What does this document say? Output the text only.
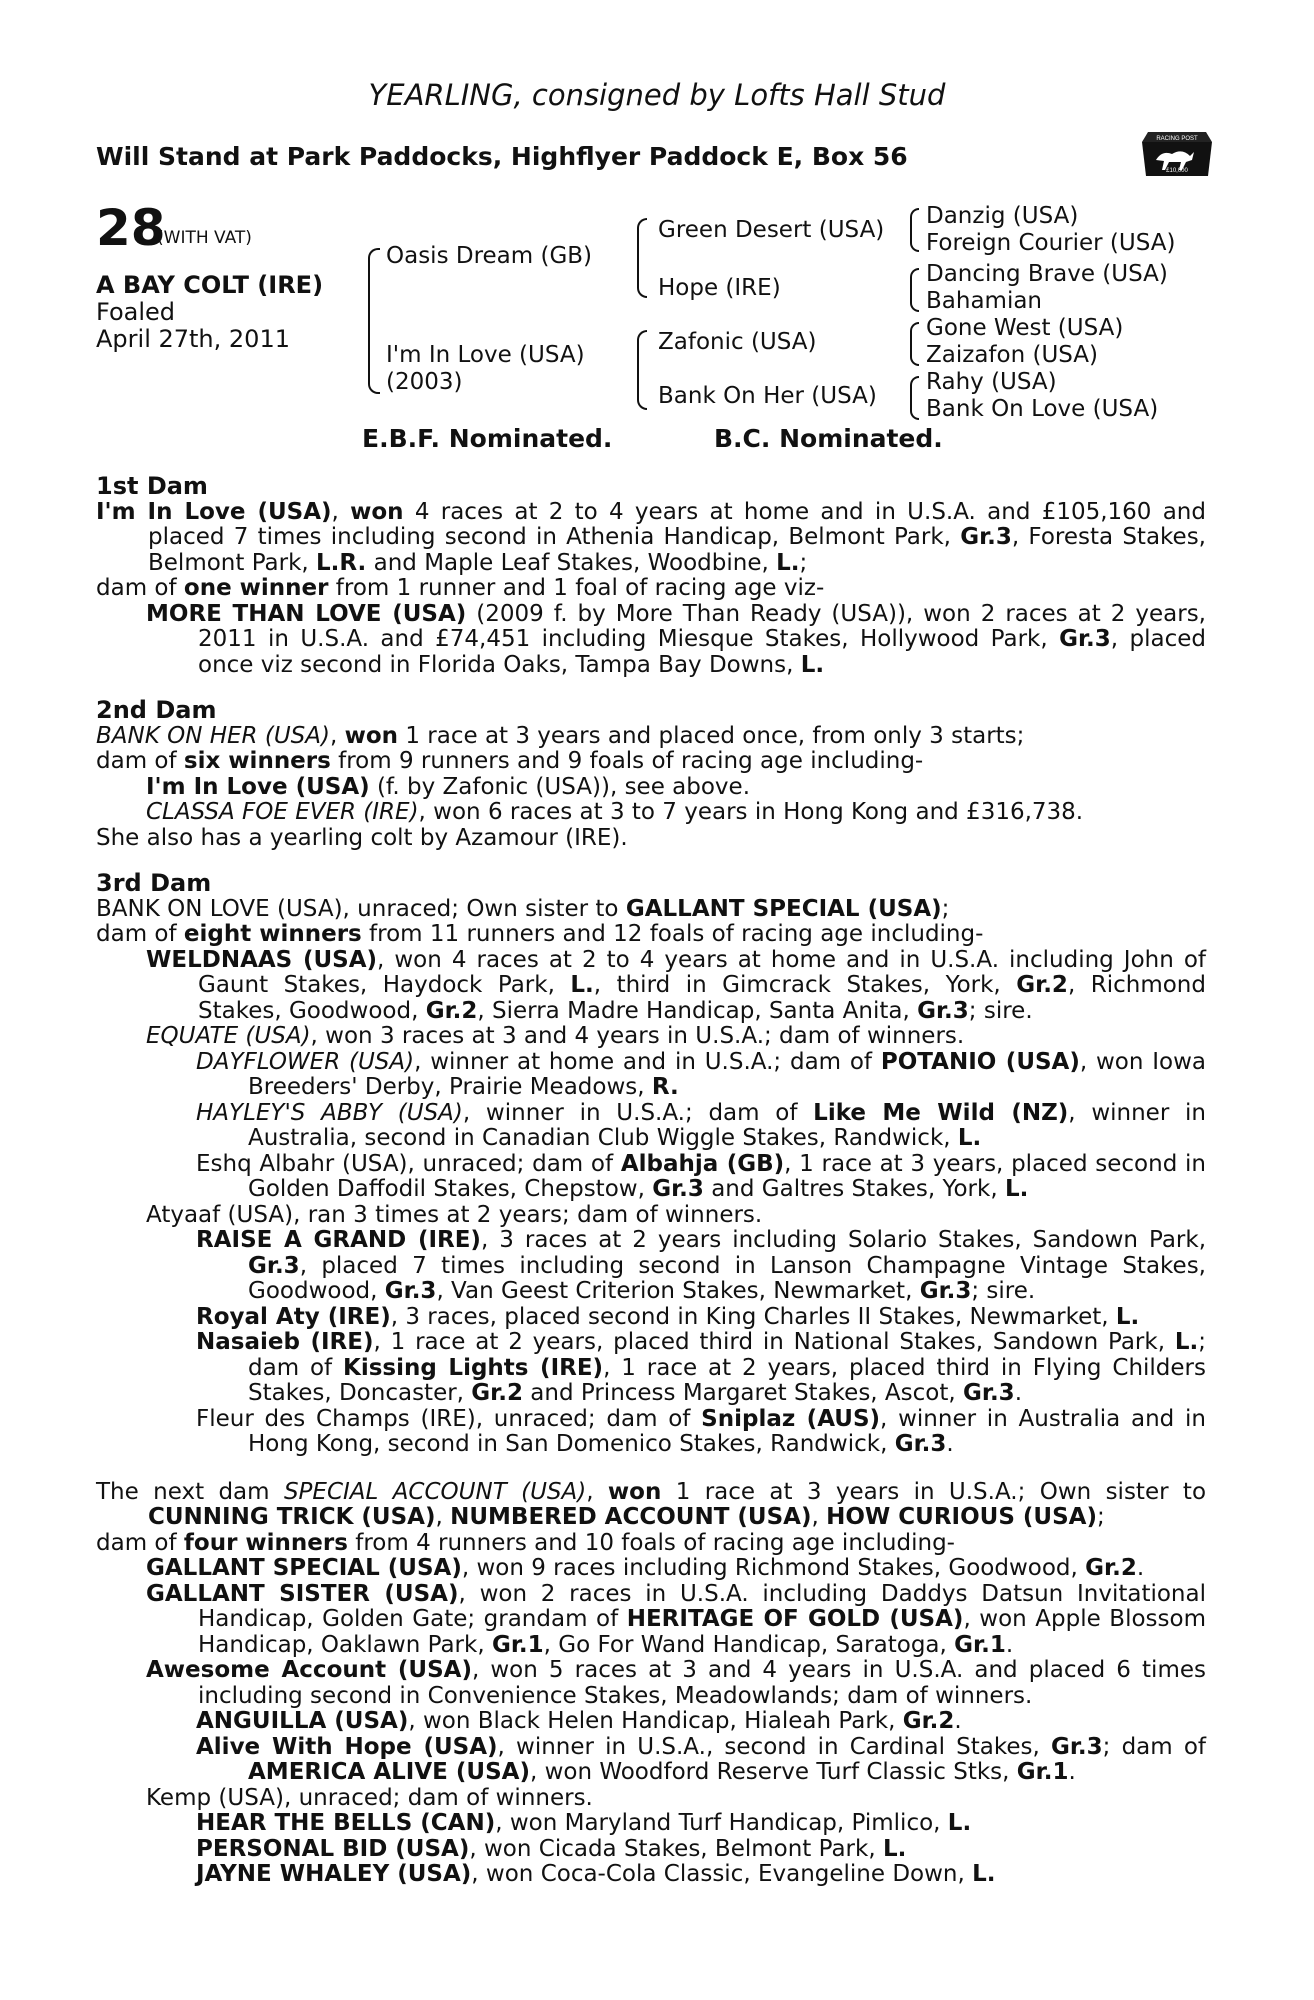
YEARLING, consigned by Lofts Hall Stud
Will Stand at Park Paddocks, Highflyer Paddock E, Box 56
RACING POST
£10,000
28
(WITH VAT)
A BAY COLT (IRE)
Foaled
April 27th, 2011
Oasis Dream (GB)
I'm In Love (USA)
(2003)
Green Desert (USA)
Hope (IRE)
Zafonic (USA)
Bank On Her (USA)
Danzig (USA)
Foreign Courier (USA)
Dancing Brave (USA)
Bahamian
Gone West (USA)
Zaizafon (USA)
Rahy (USA)
Bank On Love (USA)
E.B.F. Nominated.	B.C. Nominated.
1st Dam

I'm In Love (USA), won 4 races at 2 to 4 years at home and in U.S.A. and £105,160 and placed 7 times including second in Athenia Handicap, Belmont Park, Gr.3, Foresta Stakes, Belmont Park, L.R. and Maple Leaf Stakes, Woodbine, L.;

dam of one winner from 1 runner and 1 foal of racing age viz-

MORE THAN LOVE (USA) (2009 f. by More Than Ready (USA)), won 2 races at 2 years, 2011 in U.S.A. and £74,451 including Miesque Stakes, Hollywood Park, Gr.3, placed once viz second in Florida Oaks, Tampa Bay Downs, L.

2nd Dam

BANK ON HER (USA), won 1 race at 3 years and placed once, from only 3 starts;

dam of six winners from 9 runners and 9 foals of racing age including-

I'm In Love (USA) (f. by Zafonic (USA)), see above.

CLASSA FOE EVER (IRE), won 6 races at 3 to 7 years in Hong Kong and £316,738.

She also has a yearling colt by Azamour (IRE).

3rd Dam

BANK ON LOVE (USA), unraced; Own sister to GALLANT SPECIAL (USA);

dam of eight winners from 11 runners and 12 foals of racing age including-

WELDNAAS (USA), won 4 races at 2 to 4 years at home and in U.S.A. including John of Gaunt Stakes, Haydock Park, L., third in Gimcrack Stakes, York, Gr.2, Richmond Stakes, Goodwood, Gr.2, Sierra Madre Handicap, Santa Anita, Gr.3; sire.

EQUATE (USA), won 3 races at 3 and 4 years in U.S.A.; dam of winners.

DAYFLOWER (USA), winner at home and in U.S.A.; dam of POTANIO (USA), won Iowa Breeders' Derby, Prairie Meadows, R.

HAYLEY'S ABBY (USA), winner in U.S.A.; dam of Like Me Wild (NZ), winner in Australia, second in Canadian Club Wiggle Stakes, Randwick, L.

Eshq Albahr (USA), unraced; dam of Albahja (GB), 1 race at 3 years, placed second in Golden Daffodil Stakes, Chepstow, Gr.3 and Galtres Stakes, York, L.

Atyaaf (USA), ran 3 times at 2 years; dam of winners.

RAISE A GRAND (IRE), 3 races at 2 years including Solario Stakes, Sandown Park, Gr.3, placed 7 times including second in Lanson Champagne Vintage Stakes, Goodwood, Gr.3, Van Geest Criterion Stakes, Newmarket, Gr.3; sire.

Royal Aty (IRE), 3 races, placed second in King Charles II Stakes, Newmarket, L.

Nasaieb (IRE), 1 race at 2 years, placed third in National Stakes, Sandown Park, L.; dam of Kissing Lights (IRE), 1 race at 2 years, placed third in Flying Childers Stakes, Doncaster, Gr.2 and Princess Margaret Stakes, Ascot, Gr.3.

Fleur des Champs (IRE), unraced; dam of Sniplaz (AUS), winner in Australia and in Hong Kong, second in San Domenico Stakes, Randwick, Gr.3.

The next dam SPECIAL ACCOUNT (USA), won 1 race at 3 years in U.S.A.; Own sister to CUNNING TRICK (USA), NUMBERED ACCOUNT (USA), HOW CURIOUS (USA);

dam of four winners from 4 runners and 10 foals of racing age including-

GALLANT SPECIAL (USA), won 9 races including Richmond Stakes, Goodwood, Gr.2.

GALLANT SISTER (USA), won 2 races in U.S.A. including Daddys Datsun Invitational Handicap, Golden Gate; grandam of HERITAGE OF GOLD (USA), won Apple Blossom Handicap, Oaklawn Park, Gr.1, Go For Wand Handicap, Saratoga, Gr.1.

Awesome Account (USA), won 5 races at 3 and 4 years in U.S.A. and placed 6 times including second in Convenience Stakes, Meadowlands; dam of winners.

ANGUILLA (USA), won Black Helen Handicap, Hialeah Park, Gr.2.

Alive With Hope (USA), winner in U.S.A., second in Cardinal Stakes, Gr.3; dam of AMERICA ALIVE (USA), won Woodford Reserve Turf Classic Stks, Gr.1.

Kemp (USA), unraced; dam of winners.

HEAR THE BELLS (CAN), won Maryland Turf Handicap, Pimlico, L.

PERSONAL BID (USA), won Cicada Stakes, Belmont Park, L.

JAYNE WHALEY (USA), won Coca-Cola Classic, Evangeline Down, L.
